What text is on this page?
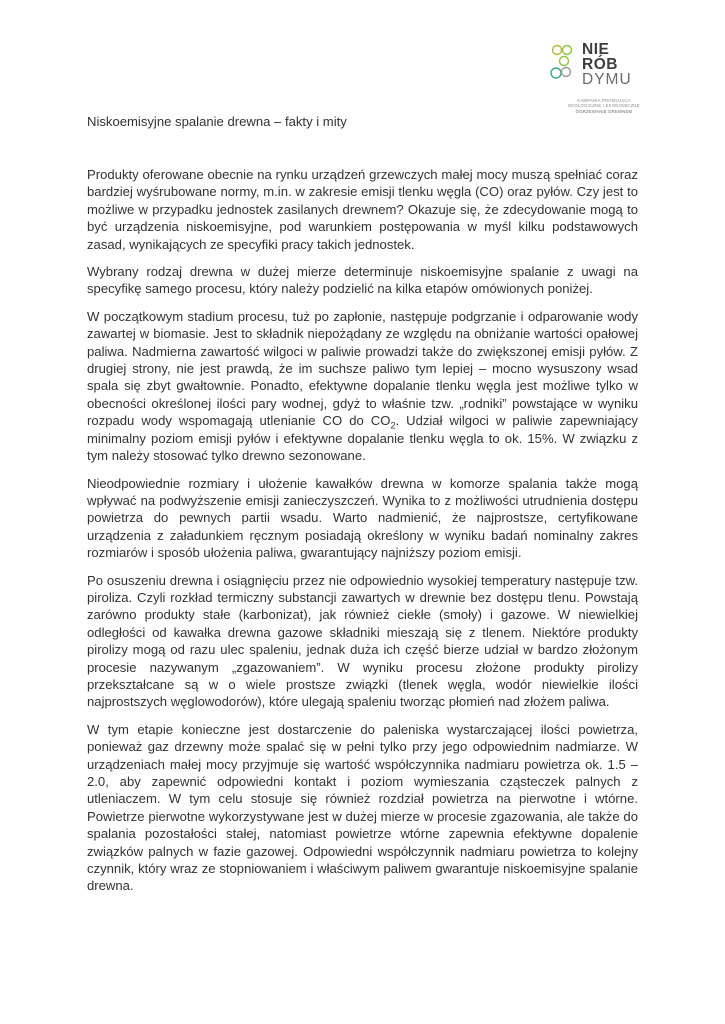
NIE
RÓB
DYMU
KAMPANIA PROMUJĄCA
EKOLOGICZNE I EKONOMICZNE
OGRZEWANIE DREWNEM
Niskoemisyjne spalanie drewna – fakty i mity

Produkty oferowane obecnie na rynku urządzeń grzewczych małej mocy muszą spełniać coraz bardziej wyśrubowane normy, m.in. w zakresie emisji tlenku węgla (CO) oraz pyłów. Czy jest to możliwe w przypadku jednostek zasilanych drewnem? Okazuje się, że zdecydowanie mogą to być urządzenia niskoemisyjne, pod warunkiem postępowania w myśl kilku podstawowych zasad, wynikających ze specyfiki pracy takich jednostek.

Wybrany rodzaj drewna w dużej mierze determinuje niskoemisyjne spalanie z uwagi na specyfikę samego procesu, który należy podzielić na kilka etapów omówionych poniżej.

W początkowym stadium procesu, tuż po zapłonie, następuje podgrzanie i odparowanie wody zawartej w biomasie. Jest to składnik niepożądany ze względu na obniżanie wartości opałowej paliwa. Nadmierna zawartość wilgoci w paliwie prowadzi także do zwiększonej emisji pyłów. Z drugiej strony, nie jest prawdą, że im suchsze paliwo tym lepiej – mocno wysuszony wsad spala się zbyt gwałtownie. Ponadto, efektywne dopalanie tlenku węgla jest możliwe tylko w obecności określonej ilości pary wodnej, gdyż to właśnie tzw. „rodniki” powstające w wyniku rozpadu wody wspomagają utlenianie CO do $CO_2$. Udział wilgoci w paliwie zapewniający minimalny poziom emisji pyłów i efektywne dopalanie tlenku węgla to ok. 15%. W związku z tym należy stosować tylko drewno sezonowane.

Nieodpowiednie rozmiary i ułożenie kawałków drewna w komorze spalania także mogą wpływać na podwyższenie emisji zanieczyszczeń. Wynika to z możliwości utrudnienia dostępu powietrza do pewnych partii wsadu. Warto nadmienić, że najprostsze, certyfikowane urządzenia z załadunkiem ręcznym posiadają określony w wyniku badań nominalny zakres rozmiarów i sposób ułożenia paliwa, gwarantujący najniższy poziom emisji.

Po osuszeniu drewna i osiągnięciu przez nie odpowiednio wysokiej temperatury następuje tzw. piroliza. Czyli rozkład termiczny substancji zawartych w drewnie bez dostępu tlenu. Powstają zarówno produkty stałe (karbonizat), jak również ciekłe (smoły) i gazowe. W niewielkiej odległości od kawałka drewna gazowe składniki mieszają się z tlenem. Niektóre produkty pirolizy mogą od razu ulec spaleniu, jednak duża ich część bierze udział w bardzo złożonym procesie nazywanym „zgazowaniem”. W wyniku procesu złożone produkty pirolizy przekształcane są w o wiele prostsze związki (tlenek węgla, wodór niewielkie ilości najprostszych węglowodorów), które ulegają spaleniu tworząc płomień nad złożem paliwa.

W tym etapie konieczne jest dostarczenie do paleniska wystarczającej ilości powietrza, ponieważ gaz drzewny może spalać się w pełni tylko przy jego odpowiednim nadmiarze. W urządzeniach małej mocy przyjmuje się wartość współczynnika nadmiaru powietrza ok. 1.5 – 2.0, aby zapewnić odpowiedni kontakt i poziom wymieszania cząsteczek palnych z utleniaczem. W tym celu stosuje się również rozdział powietrza na pierwotne i wtórne. Powietrze pierwotne wykorzystywane jest w dużej mierze w procesie zgazowania, ale także do spalania pozostałości stałej, natomiast powietrze wtórne zapewnia efektywne dopalenie związków palnych w fazie gazowej. Odpowiedni współczynnik nadmiaru powietrza to kolejny czynnik, który wraz ze stopniowaniem i właściwym paliwem gwarantuje niskoemisyjne spalanie drewna.
